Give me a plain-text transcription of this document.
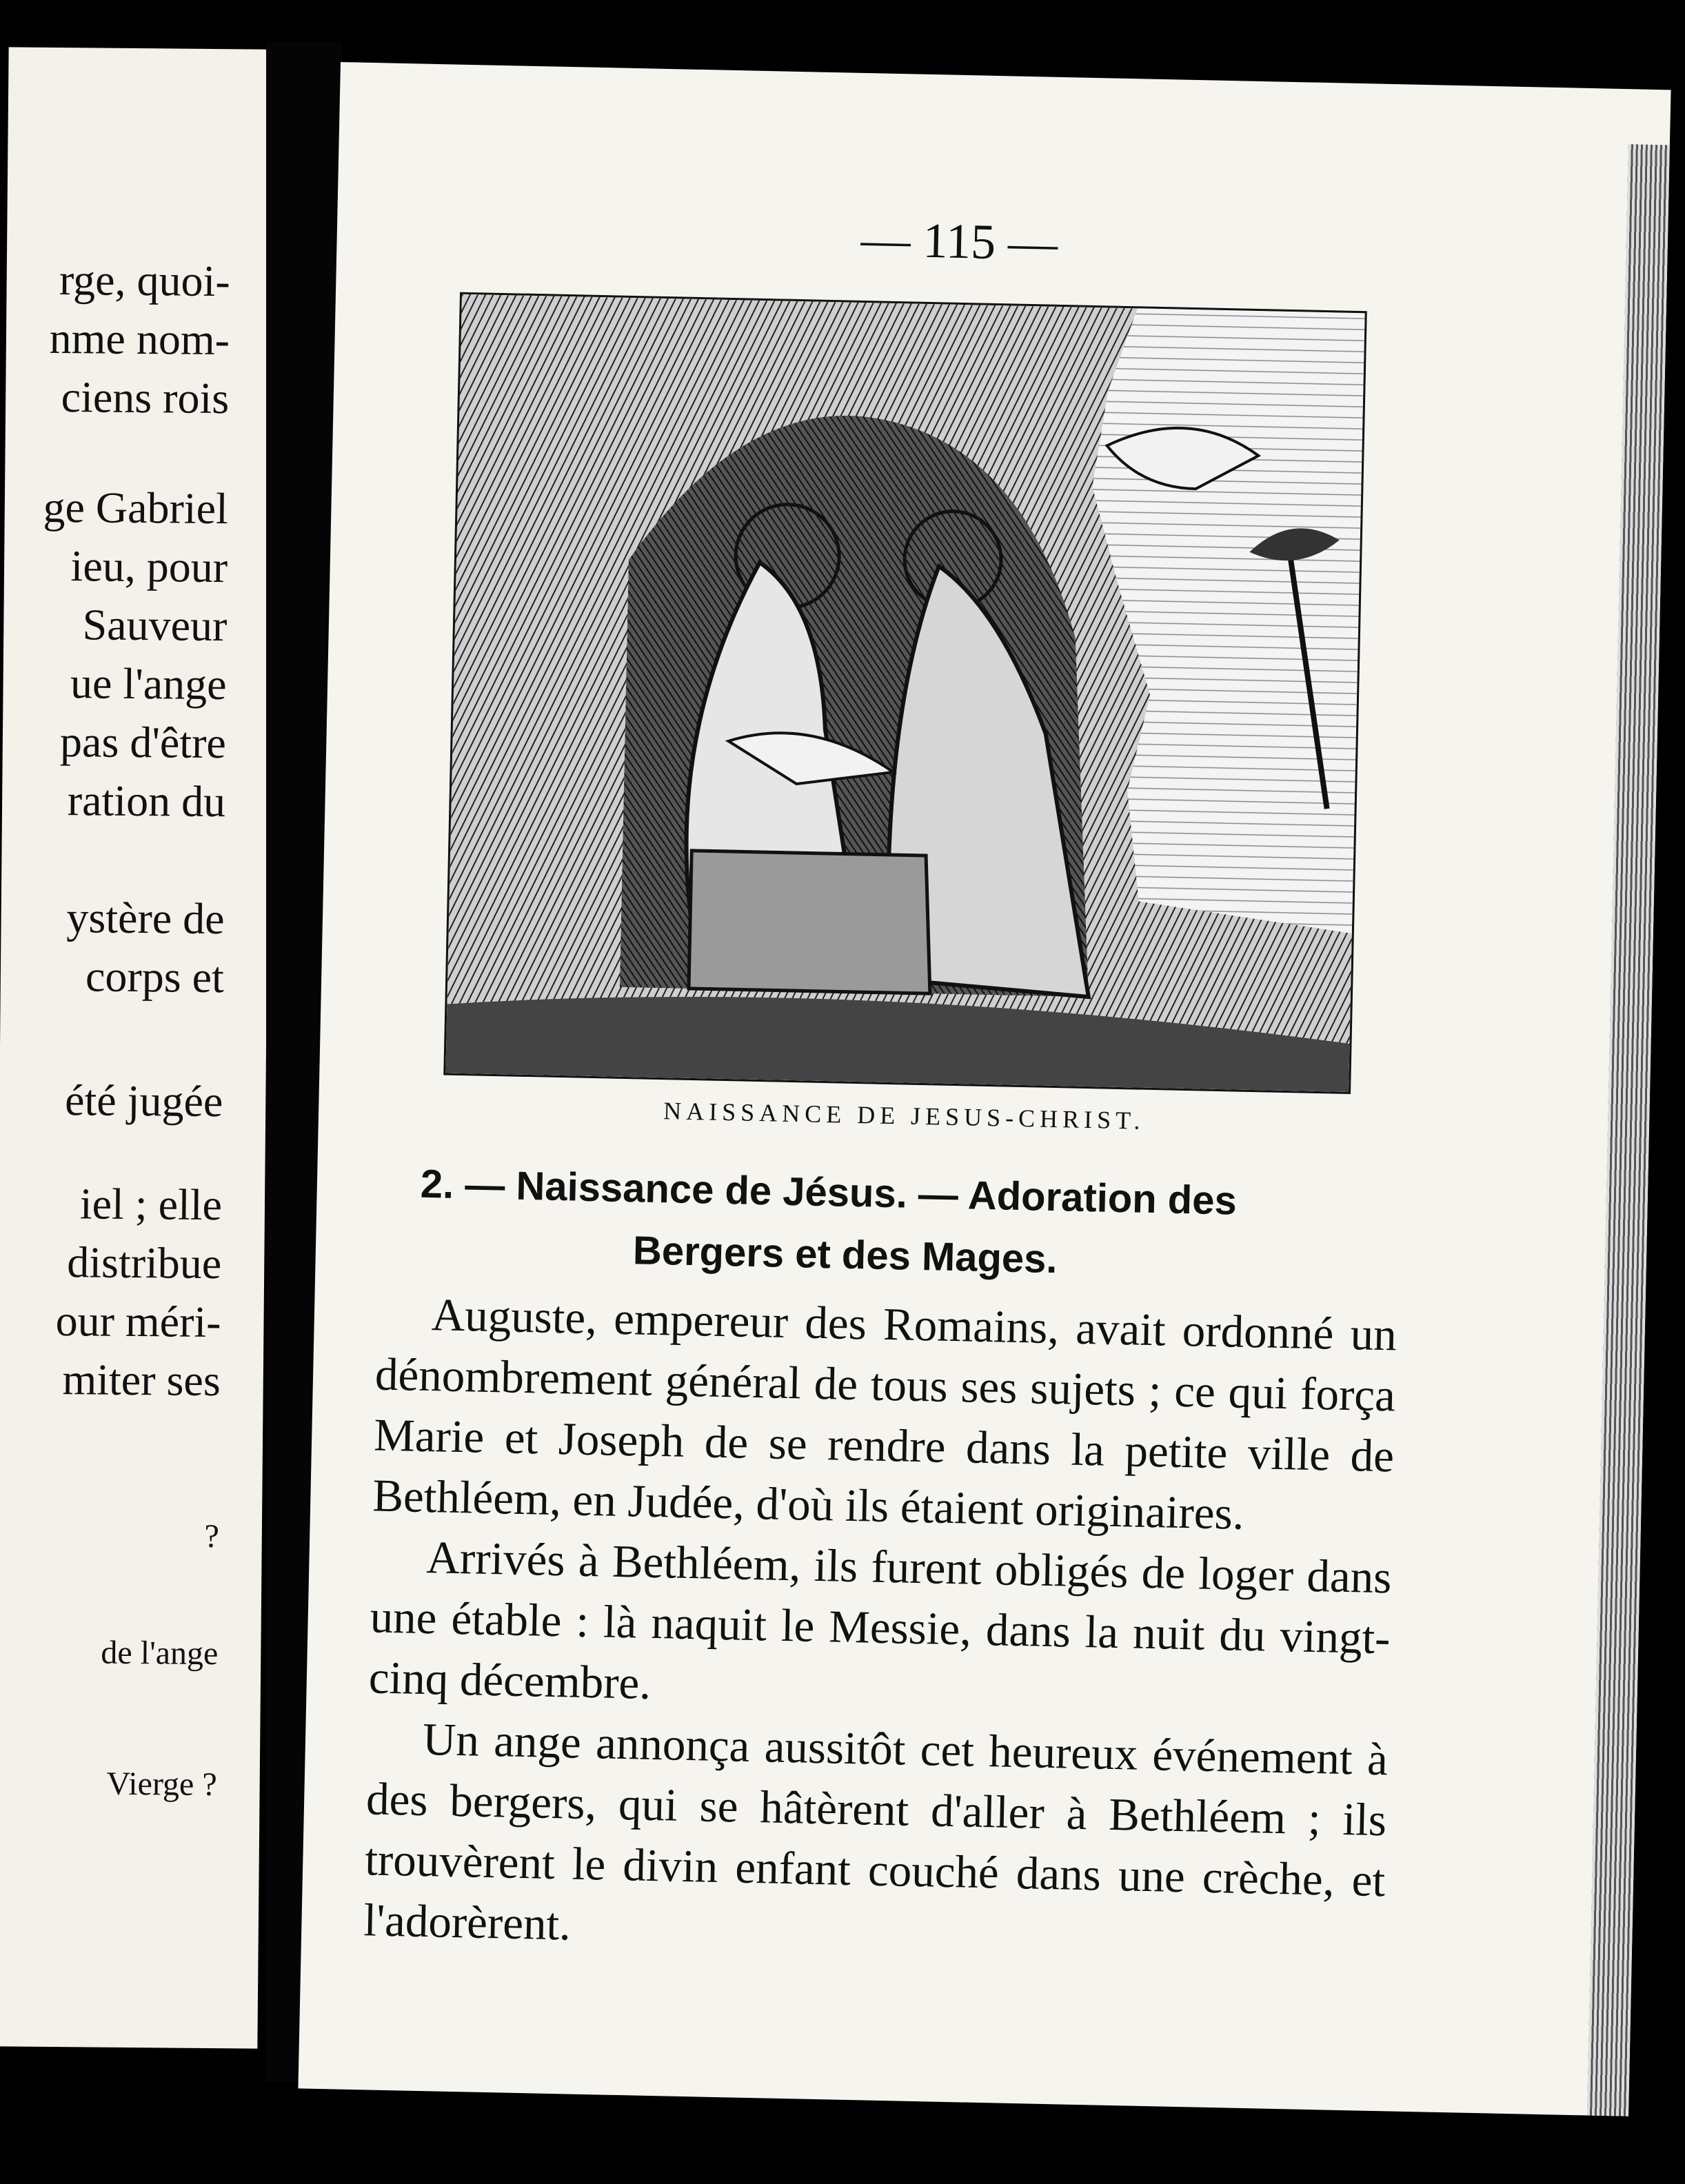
rge, quoi-
nme nom-
ciens rois
ge Gabriel
ieu, pour
Sauveur
ue l'ange
pas d'être
ration du
ystère de
corps et
été jugée
iel ; elle
distribue
our méri-
miter ses
?
de l'ange
Vierge ?
— 115 —
NAISSANCE DE JESUS-CHRIST.
2. — Naissance de Jésus. — Adoration des
Bergers et des Mages.

Auguste, empereur des Romains, avait ordonné un dénombrement général de tous ses sujets ; ce qui força Marie et Joseph de se rendre dans la petite ville de Bethléem, en Judée, d'où ils étaient originaires.

Arrivés à Bethléem, ils furent obligés de loger dans une étable : là naquit le Messie, dans la nuit du vingt-cinq décembre.

Un ange annonça aussitôt cet heureux événement à des bergers, qui se hâtèrent d'aller à Bethléem ; ils trouvèrent le divin enfant couché dans une crèche, et l'adorèrent.
